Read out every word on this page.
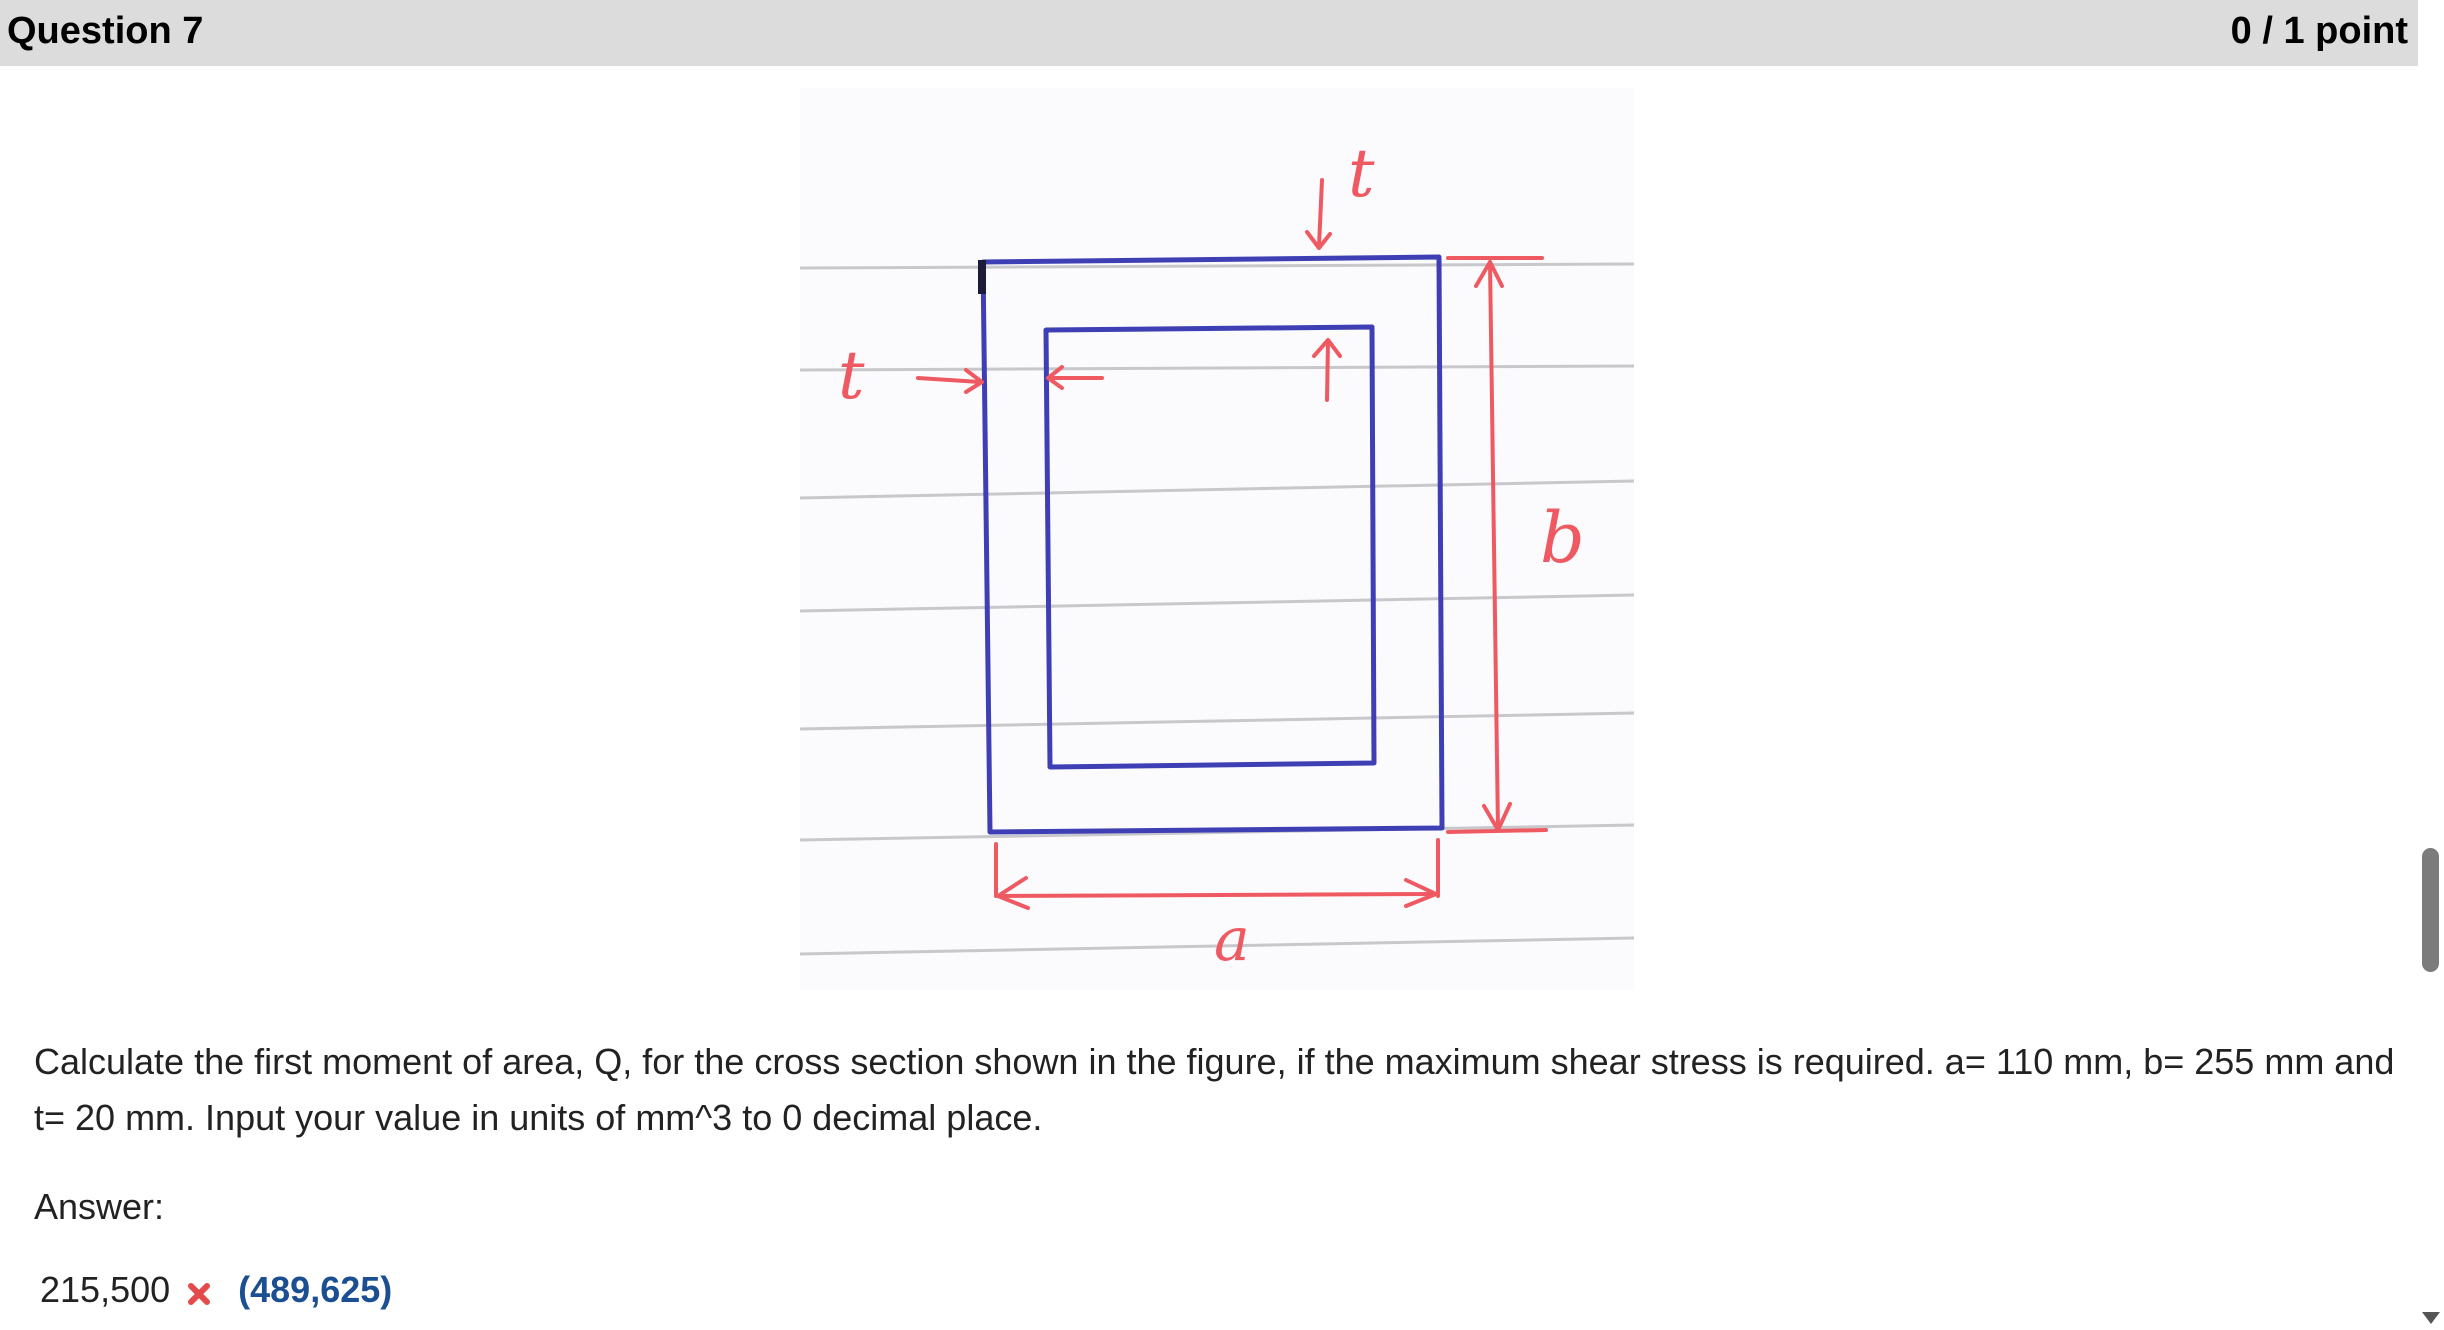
Question 7	0 / 1 point
t
t
b
a
Calculate the first moment of area, Q, for the cross section shown in the figure, if the maximum shear stress is required. a= 110 mm, b= 255 mm and t= 20 mm. Input your value in units of mm^3 to 0 decimal place.
Answer:
215,500 (489,625)
